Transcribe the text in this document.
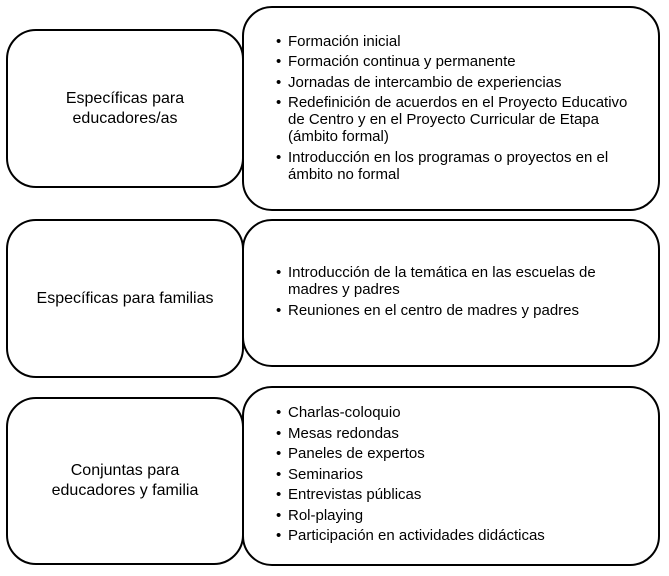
Específicas para
educadores/as
• Formación inicial
• Formación continua y permanente
• Jornadas de intercambio de experiencias
• Redefinición de acuerdos en el Proyecto Educativo de Centro y en el Proyecto Curricular de Etapa (ámbito formal)
• Introducción en los programas o proyectos en el ámbito no formal
Específicas para familias
• Introducción de la temática en las escuelas de madres y padres
• Reuniones en el centro de madres y padres
Conjuntas para
educadores y familia
• Charlas-coloquio
• Mesas redondas
• Paneles de expertos
• Seminarios
• Entrevistas públicas
• Rol-playing
• Participación en actividades didácticas
